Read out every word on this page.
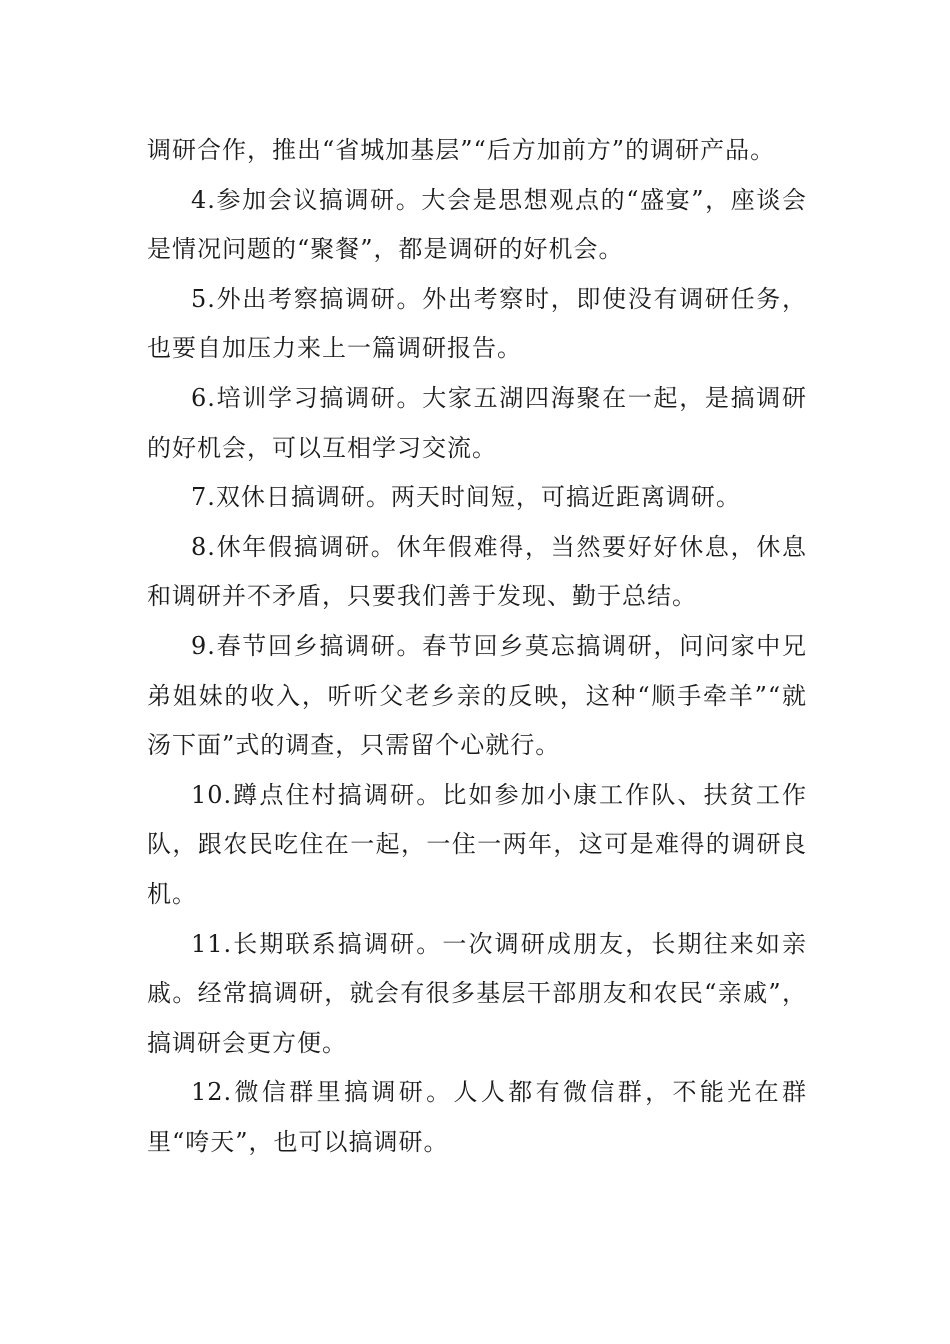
调研合作，推出“省城加基层”“后方加前方”的调研产品。

4.参加会议搞调研。大会是思想观点的“盛宴”，座谈会是情况问题的“聚餐”，都是调研的好机会。

5.外出考察搞调研。外出考察时，即使没有调研任务，也要自加压力来上一篇调研报告。

6.培训学习搞调研。大家五湖四海聚在一起，是搞调研的好机会，可以互相学习交流。

7.双休日搞调研。两天时间短，可搞近距离调研。

8.休年假搞调研。休年假难得，当然要好好休息，休息和调研并不矛盾，只要我们善于发现、勤于总结。

9.春节回乡搞调研。春节回乡莫忘搞调研，问问家中兄弟姐妹的收入，听听父老乡亲的反映，这种“顺手牵羊”“就汤下面”式的调查，只需留个心就行。

10.蹲点住村搞调研。比如参加小康工作队、扶贫工作队，跟农民吃住在一起，一住一两年，这可是难得的调研良机。

11.长期联系搞调研。一次调研成朋友，长期往来如亲戚。经常搞调研，就会有很多基层干部朋友和农民“亲戚”，搞调研会更方便。

12.微信群里搞调研。人人都有微信群，不能光在群里“咵天”，也可以搞调研。
